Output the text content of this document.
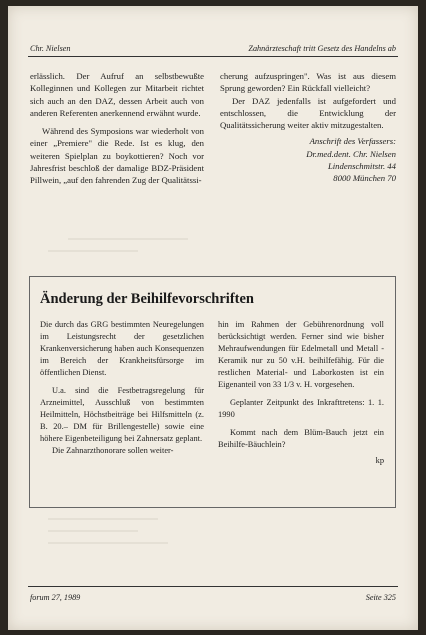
Chr. Nielsen	Zahnärzteschaft tritt Gesetz des Handelns ab

erlässlich. Der Aufruf an selbstbewußte Kolleginnen und Kollegen zur Mitarbeit richtet sich auch an den DAZ, dessen Arbeit auch von anderen Referenten anerkennend erwähnt wurde.

Während des Symposions war wiederholt von einer „Premiere" die Rede. Ist es klug, den weiteren Spielplan zu boykottieren? Noch vor Jahresfrist beschloß der damalige BDZ-Präsident Pillwein, „auf den fahrenden Zug der Qualitätssi-

cherung aufzuspringen". Was ist aus diesem Sprung geworden? Ein Rückfall vielleicht?

Der DAZ jedenfalls ist aufgefordert und entschlossen, die Entwicklung der Qualitätssicherung weiter aktiv mitzugestalten.

Anschrift des Verfassers:
Dr.med.dent. Chr. Nielsen
Lindenschmitstr. 44
8000 München 70
Änderung der Beihilfevorschriften

Die durch das GRG bestimmten Neuregelungen im Leistungsrecht der gesetzlichen Krankenversicherung haben auch Konsequenzen im Bereich der Krankheitsfürsorge im öffentlichen Dienst.

U.a. sind die Festbetragsregelung für Arzneimittel, Ausschluß von bestimmten Heilmitteln, Höchstbeiträge bei Hilfsmitteln (z. B. 20.– DM für Brillengestelle) sowie eine höhere Eigenbeteiligung bei Zahnersatz geplant.

Die Zahnarzthonorare sollen weiter-

hin im Rahmen der Gebührenordnung voll berücksichtigt werden. Ferner sind wie bisher Mehraufwendungen für Edelmetall und Metall - Keramik nur zu 50 v.H. beihilfefähig. Für die restlichen Material- und Laborkosten ist ein Eigenanteil von 33 1/3 v. H. vorgesehen.

Geplanter Zeitpunkt des Inkrafttretens: 1. 1. 1990

Kommt nach dem Blüm-Bauch jetzt ein Beihilfe-Bäuchlein?

kp

forum 27, 1989	Seite 325
